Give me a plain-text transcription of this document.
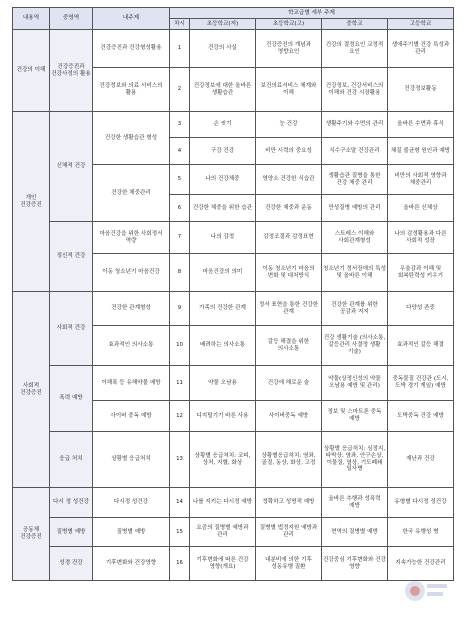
내용역	중영역	내주제	학교급별 세부 주제				
			차시	초등학교(저)	초등학교(고)	중학교	고등학교
건강의 이해	건강증진과 건강사정의 활용	건강증진과 건강형성활용	1	건강의 사실	건강증진의 개념과 영향요인	건강의 결정요인 교정적 요인	생애주기별 건강 특성과 관리
		건강정보와 의료 서비스의 활용	2	건강정보에 대한 올바른 생활습관	보건의료서비스 체계와 이해	건강정보, 건강서비스의 이해와 건강 시장활용	건강정보활동
개인 건강증진	신체적 건강	건강한 생활습관 형성	3	손 씻기	눈 건강	생활주기와 수면의 관리	올바른 수면과 휴식
			4	구강 건강	비만 시력의 중요성	식수구소말 건강관리	체질 불균형 원인과 예방
		건강한 체중관리	5	나의 건강체중	영양소 건강한 식습관	생활습관 질병을 통한 건강 체중 관리	비만의 사회적 영향과 체중관리
			6	건강한 체중을 위한 습관	건강한 체중과 운동	만성질병 예방의 관리	올바른 신체상
	정신적 건강	마음건강을 위한 사회정서 역량	7	나의 감정	감정조절과 감정표현	스트레스 이해와 사회관계형성	나의 감정활용과 다른 사회적 성장
		이동 청소년기 마음건강	8	마음건강의 의미	이동 청소년기 마음의 변화 및 대처방식	청소년기 정서장애의 특성 및 올바른 이해	우울감과 이해 및 회복탄력성 키우기
사회적 건강증진	사회적 건강	건강한 관계형성	9	가족의 건강한 관계	정서 표현을 통한 건강한 관계	건강한 관계를 위한 공감과 지지	다양성 존중
		효과적인 의사소통	10	배려하는 의사소통	갈등 해결을 위한 의사소통	건강 생활기술 (의사소통, 갈등관리 사결정 생활 기술)	효과적인 갈등 해결
	폭력 예방	이해폭 등 유해약물 예방	11	약물 오남용	건강에 해로운 술	약물(상정신성의 약물 오남용 예방 및 관리)	중독물질 건강관 (도시, 도박 경기 게임) 예방
		사이버 중독 예방	12	디지털기기 바른 사용	사이버중독 예방	정보 및 스마트폰 중독 예방	도박중독 건강 예방
	응급 처치	상황별 응급처치	13	상황별 응급처치: 코피, 상처, 지혈, 화상	상황별응급처치: 염좌, 골절, 동상, 화상, 고정	상황별 응급처치: 심정지, 타박상, 염좌, 안구손상, 이물질, 열상, 기도폐쇄 일사병	재난과 건강
공동체 건강증진	다시 정 성건강	다시정 성건강	14	나를 지키는 다시정 예방	정확하고 성명적 예방	올바른 추행과 성폭력 예방	유형별 다시정 성건강
	질병별 예방	질병별 예방	15	요즘의 질병별 예방과 관리	질병별 법정지원 예방과 관리	현역의 질병별 예방	한국 유행성 병
	성경 건강	기후변화와 건강영향	16	기후변화에 따른 건강 영향(개요)	내분비에 의한 기후 성동유행 질환	건강중심 기후변화와 건강 영향	지속가능한 건강관리
